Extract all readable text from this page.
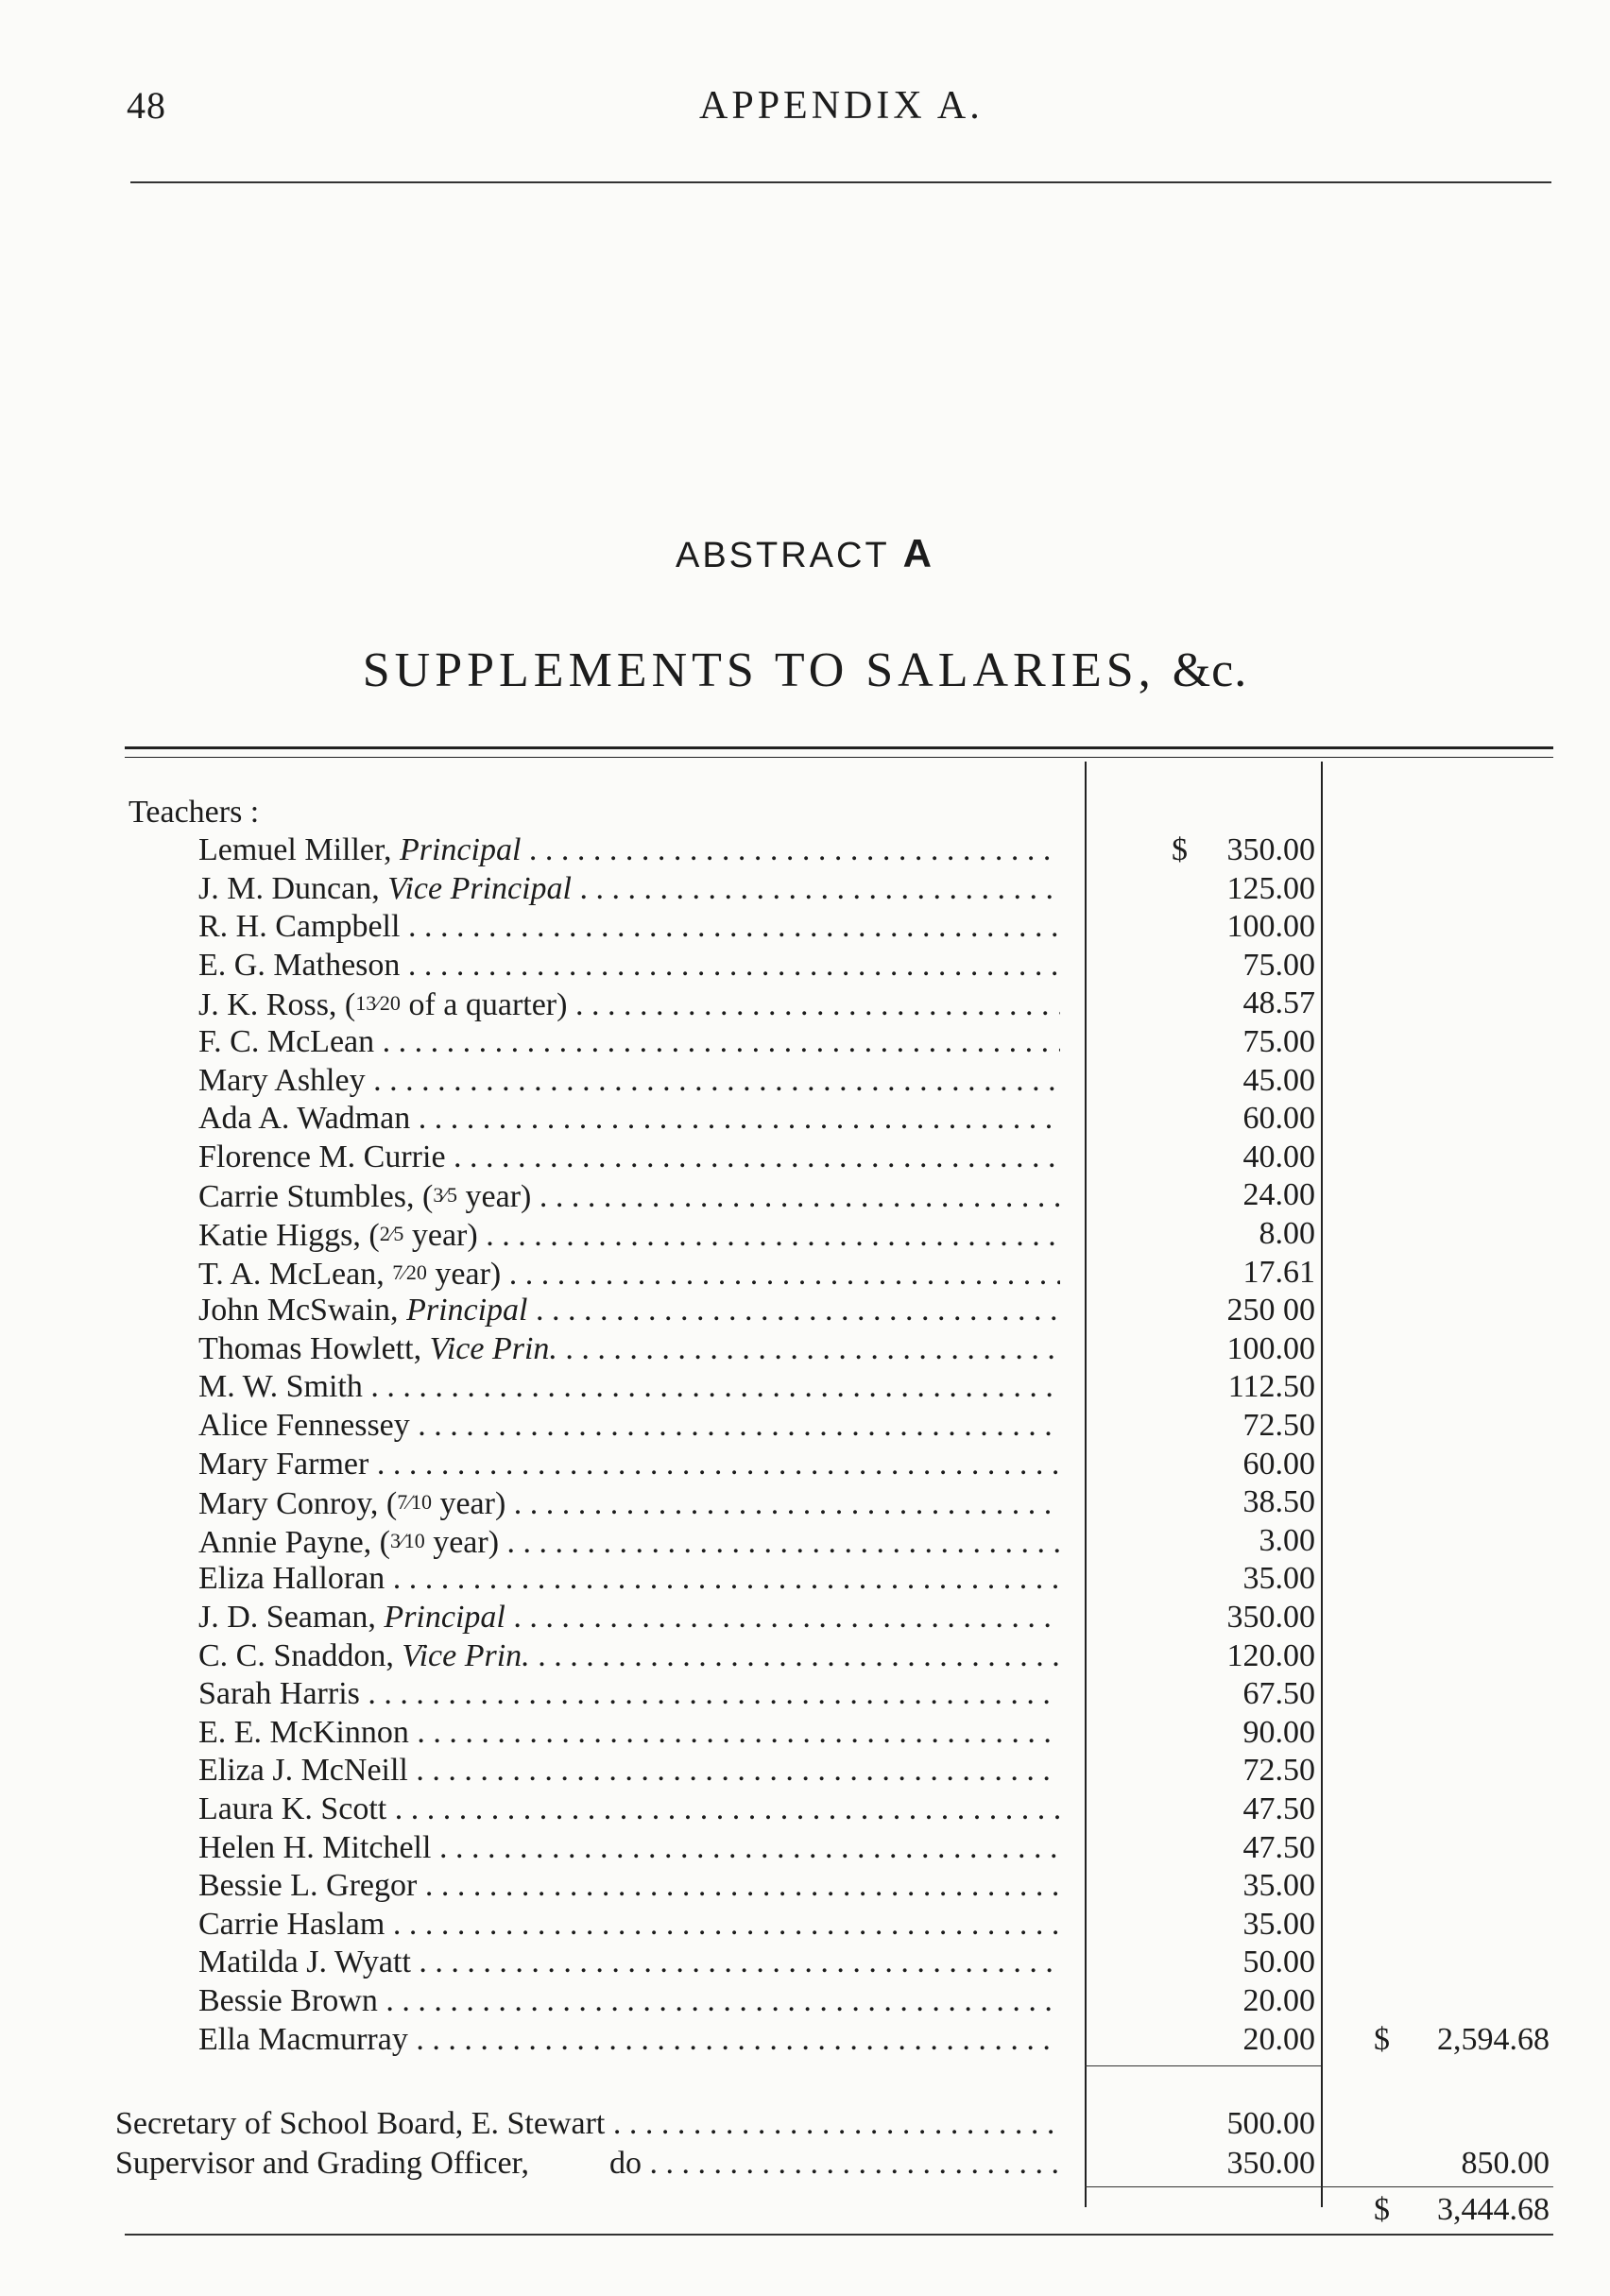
48	APPENDIX A.
ABSTRACT A
SUPPLEMENTS TO SALARIES, &c.
Teachers :
Lemuel Miller, Principal . . .	$	350.00
J. M. Duncan, Vice Principal . . .	125.00
R. H. Campbell . . .	100.00
E. G. Matheson . . .	75.00
J. K. Ross, (13⁄20 of a quarter) . . .	48.57
F. C. McLean . . .	75.00
Mary Ashley . . .	45.00
Ada A. Wadman . . .	60.00
Florence M. Currie . . .	40.00
Carrie Stumbles, (3⁄5 year) . . .	24.00
Katie Higgs, (2⁄5 year) . . .	8.00
T. A. McLean, 7⁄20 year) . . .	17.61
John McSwain, Principal . . .	250 00
Thomas Howlett, Vice Prin. . . .	100.00
M. W. Smith . . .	112.50
Alice Fennessey . . .	72.50
Mary Farmer . . .	60.00
Mary Conroy, (7⁄10 year) . . .	38.50
Annie Payne, (3⁄10 year) . . .	3.00
Eliza Halloran . . .	35.00
J. D. Seaman, Principal . . .	350.00
C. C. Snaddon, Vice Prin. . . .	120.00
Sarah Harris . . .	67.50
E. E. McKinnon . . .	90.00
Eliza J. McNeill . . .	72.50
Laura K. Scott . . .	47.50
Helen H. Mitchell . . .	47.50
Bessie L. Gregor . . .	35.00
Carrie Haslam . . .	35.00
Matilda J. Wyatt . . .	50.00
Bessie Brown . . .	20.00
Ella Macmurray . . .	20.00 $ 2,594.68
Secretary of School Board, E. Stewart . . .	500.00
Supervisor and Grading Officer,          do . . .	350.00	850.00
$ 3,444.68
